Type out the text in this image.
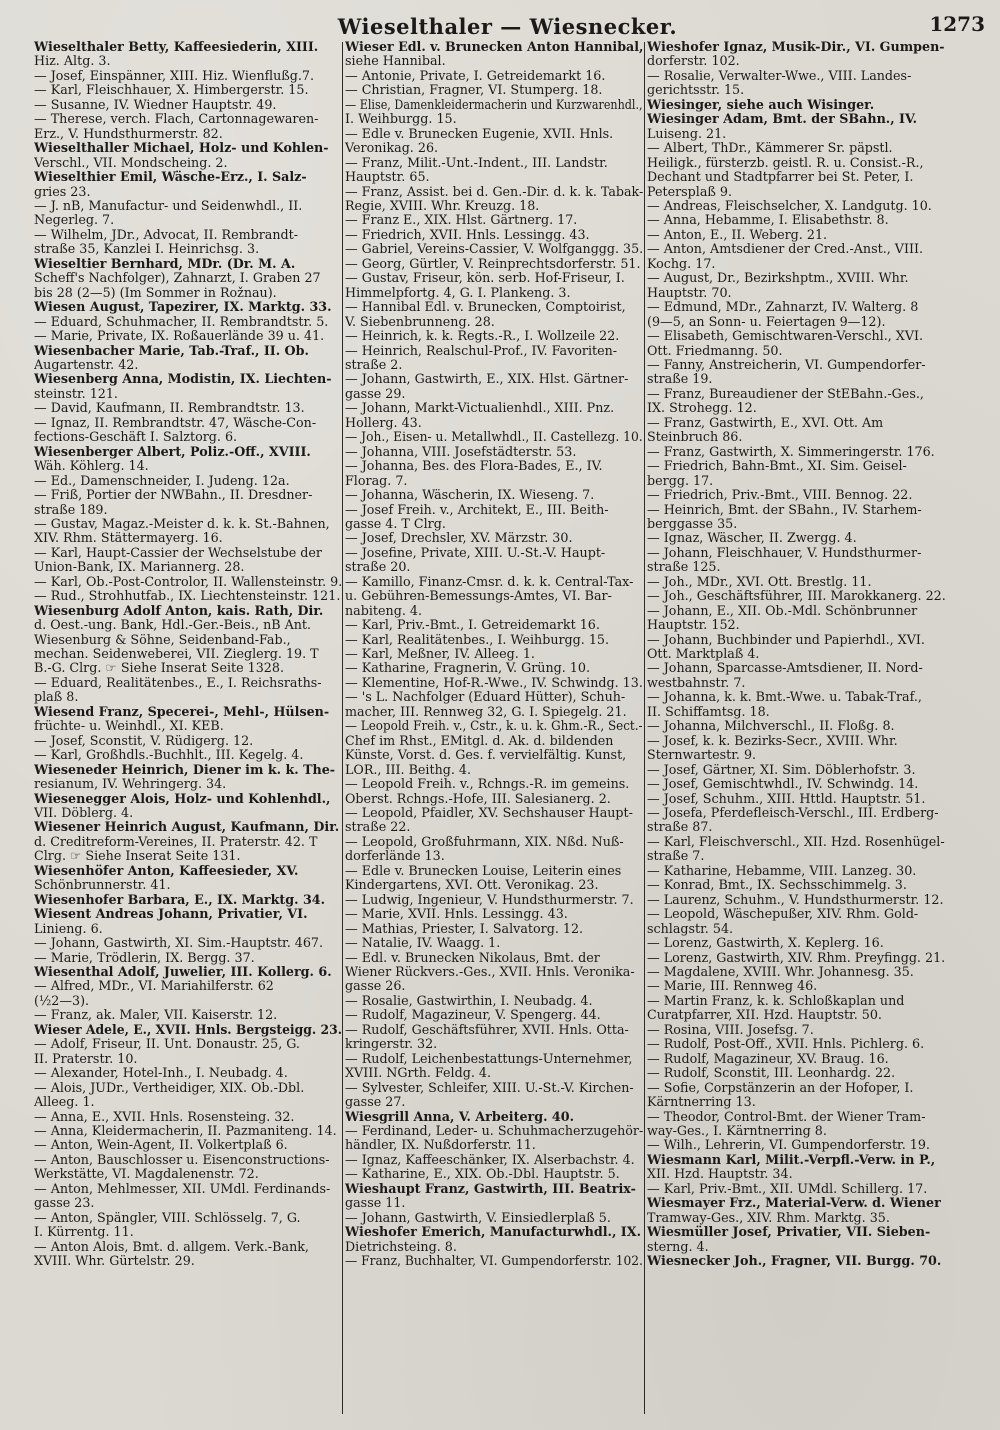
Wieselthaler — Wiesnecker.	1273
Wieselthaler Betty, Kaffeesiederin, XIII.
Hiz. Altg. 3.
— Josef, Einspänner, XIII. Hiz. Wienflußg.7.
— Karl, Fleischhauer, X. Himbergerstr. 15.
— Susanne, IV. Wiedner Hauptstr. 49.
— Therese, verch. Flach, Cartonnagewaren-
Erz., V. Hundsthurmerstr. 82.
Wieselthaller Michael, Holz- und Kohlen-
Verschl., VII. Mondscheing. 2.
Wieselthier Emil, Wäsche-Erz., I. Salz-
gries 23.
— J. nB, Manufactur- und Seidenwhdl., II.
Negerleg. 7.
— Wilhelm, JDr., Advocat, II. Rembrandt-
straße 35, Kanzlei I. Heinrichsg. 3.
Wieseltier Bernhard, MDr. (Dr. M. A.
Scheff's Nachfolger), Zahnarzt, I. Graben 27
bis 28 (2—5) (Im Sommer in Rožnau).
Wiesen August, Tapezirer, IX. Marktg. 33.
— Eduard, Schuhmacher, II. Rembrandtstr. 5.
— Marie, Private, IX. Roßauerlände 39 u. 41.
Wiesenbacher Marie, Tab.-Traf., II. Ob.
Augartenstr. 42.
Wiesenberg Anna, Modistin, IX. Liechten-
steinstr. 121.
— David, Kaufmann, II. Rembrandtstr. 13.
— Ignaz, II. Rembrandtstr. 47, Wäsche-Con-
fections-Geschäft I. Salztorg. 6.
Wiesenberger Albert, Poliz.-Off., XVIII.
Wäh. Köhlerg. 14.
— Ed., Damenschneider, I. Judeng. 12a.
— Friß, Portier der NWBahn., II. Dresdner-
straße 189.
— Gustav, Magaz.-Meister d. k. k. St.-Bahnen,
XIV. Rhm. Stättermayerg. 16.
— Karl, Haupt-Cassier der Wechselstube der
Union-Bank, IX. Mariannerg. 28.
— Karl, Ob.-Post-Controlor, II. Wallensteinstr. 9.
— Rud., Strohhutfab., IX. Liechtensteinstr. 121.
Wiesenburg Adolf Anton, kais. Rath, Dir.
d. Oest.-ung. Bank, Hdl.-Ger.-Beis., nB Ant.
Wiesenburg & Söhne, Seidenband-Fab.,
mechan. Seidenweberei, VII. Zieglerg. 19. T
B.-G. Clrg. ☞ Siehe Inserat Seite 1328.
— Eduard, Realitätenbes., E., I. Reichsraths-
plaß 8.
Wiesend Franz, Specerei-, Mehl-, Hülsen-
früchte- u. Weinhdl., XI. KEB.
— Josef, Sconstit, V. Rüdigerg. 12.
— Karl, Großhdls.-Buchhlt., III. Kegelg. 4.
Wieseneder Heinrich, Diener im k. k. The-
resianum, IV. Wehringerg. 34.
Wiesenegger Alois, Holz- und Kohlenhdl.,
VII. Döblerg. 4.
Wiesener Heinrich August, Kaufmann, Dir.
d. Creditreform-Vereines, II. Praterstr. 42. T
Clrg. ☞ Siehe Inserat Seite 131.
Wiesenhöfer Anton, Kaffeesieder, XV.
Schönbrunnerstr. 41.
Wiesenhofer Barbara, E., IX. Marktg. 34.
Wiesent Andreas Johann, Privatier, VI.
Linieng. 6.
— Johann, Gastwirth, XI. Sim.-Hauptstr. 467.
— Marie, Trödlerin, IX. Bergg. 37.
Wiesenthal Adolf, Juwelier, III. Kollerg. 6.
— Alfred, MDr., VI. Mariahilferstr. 62
(½2—3).
— Franz, ak. Maler, VII. Kaiserstr. 12.
Wieser Adele, E., XVII. Hnls. Bergsteigg. 23.
— Adolf, Friseur, II. Unt. Donaustr. 25, G.
II. Praterstr. 10.
— Alexander, Hotel-Inh., I. Neubadg. 4.
— Alois, JUDr., Vertheidiger, XIX. Ob.-Dbl.
Alleeg. 1.
— Anna, E., XVII. Hnls. Rosensteing. 32.
— Anna, Kleidermacherin, II. Pazmaniteng. 14.
— Anton, Wein-Agent, II. Volkertplaß 6.
— Anton, Bauschlosser u. Eisenconstructions-
Werkstätte, VI. Magdalenenstr. 72.
— Anton, Mehlmesser, XII. UMdl. Ferdinands-
gasse 23.
— Anton, Spängler, VIII. Schlösselg. 7, G.
I. Kürrentg. 11.
— Anton Alois, Bmt. d. allgem. Verk.-Bank,
XVIII. Whr. Gürtelstr. 29.
Wieser Edl. v. Brunecken Anton Hannibal,
siehe Hannibal.
— Antonie, Private, I. Getreidemarkt 16.
— Christian, Fragner, VI. Stumperg. 18.
— Elise, Damenkleidermacherin und Kurzwarenhdl.,
I. Weihburgg. 15.
— Edle v. Brunecken Eugenie, XVII. Hnls.
Veronikag. 26.
— Franz, Milit.-Unt.-Indent., III. Landstr.
Hauptstr. 65.
— Franz, Assist. bei d. Gen.-Dir. d. k. k. Tabak-
Regie, XVIII. Whr. Kreuzg. 18.
— Franz E., XIX. Hlst. Gärtnerg. 17.
— Friedrich, XVII. Hnls. Lessingg. 43.
— Gabriel, Vereins-Cassier, V. Wolfganggg. 35.
— Georg, Gürtler, V. Reinprechtsdorferstr. 51.
— Gustav, Friseur, kön. serb. Hof-Friseur, I.
Himmelpfortg. 4, G. I. Plankeng. 3.
— Hannibal Edl. v. Brunecken, Comptoirist,
V. Siebenbrunneng. 28.
— Heinrich, k. k. Regts.-R., I. Wollzeile 22.
— Heinrich, Realschul-Prof., IV. Favoriten-
straße 2.
— Johann, Gastwirth, E., XIX. Hlst. Gärtner-
gasse 29.
— Johann, Markt-Victualienhdl., XIII. Pnz.
Hollerg. 43.
— Joh., Eisen- u. Metallwhdl., II. Castellezg. 10.
— Johanna, VIII. Josefstädterstr. 53.
— Johanna, Bes. des Flora-Bades, E., IV.
Florag. 7.
— Johanna, Wäscherin, IX. Wieseng. 7.
— Josef Freih. v., Architekt, E., III. Beith-
gasse 4. T Clrg.
— Josef, Drechsler, XV. Märzstr. 30.
— Josefine, Private, XIII. U.-St.-V. Haupt-
straße 20.
— Kamillo, Finanz-Cmsr. d. k. k. Central-Tax-
u. Gebühren-Bemessungs-Amtes, VI. Bar-
nabiteng. 4.
— Karl, Priv.-Bmt., I. Getreidemarkt 16.
— Karl, Realitätenbes., I. Weihburgg. 15.
— Karl, Meßner, IV. Alleeg. 1.
— Katharine, Fragnerin, V. Grüng. 10.
— Klementine, Hof-R.-Wwe., IV. Schwindg. 13.
— 's L. Nachfolger (Eduard Hütter), Schuh-
macher, III. Rennweg 32, G. I. Spiegelg. 21.
— Leopold Freih. v., Cstr., k. u. k. Ghm.-R., Sect.-
Chef im Rhst., EMitgl. d. Ak. d. bildenden
Künste, Vorst. d. Ges. f. vervielfältig. Kunst,
LOR., III. Beithg. 4.
— Leopold Freih. v., Rchngs.-R. im gemeins.
Oberst. Rchngs.-Hofe, III. Salesianerg. 2.
— Leopold, Pfaidler, XV. Sechshauser Haupt-
straße 22.
— Leopold, Großfuhrmann, XIX. Nßd. Nuß-
dorferlände 13.
— Edle v. Brunecken Louise, Leiterin eines
Kindergartens, XVI. Ott. Veronikag. 23.
— Ludwig, Ingenieur, V. Hundsthurmerstr. 7.
— Marie, XVII. Hnls. Lessingg. 43.
— Mathias, Priester, I. Salvatorg. 12.
— Natalie, IV. Waagg. 1.
— Edl. v. Brunecken Nikolaus, Bmt. der
Wiener Rückvers.-Ges., XVII. Hnls. Veronika-
gasse 26.
— Rosalie, Gastwirthin, I. Neubadg. 4.
— Rudolf, Magazineur, V. Spengerg. 44.
— Rudolf, Geschäftsführer, XVII. Hnls. Otta-
kringerstr. 32.
— Rudolf, Leichenbestattungs-Unternehmer,
XVIII. NGrth. Feldg. 4.
— Sylvester, Schleifer, XIII. U.-St.-V. Kirchen-
gasse 27.
Wiesgrill Anna, V. Arbeiterg. 40.
— Ferdinand, Leder- u. Schuhmacherzugehör-
händler, IX. Nußdorferstr. 11.
— Ignaz, Kaffeeschänker, IX. Alserbachstr. 4.
— Katharine, E., XIX. Ob.-Dbl. Hauptstr. 5.
Wieshaupt Franz, Gastwirth, III. Beatrix-
gasse 11.
— Johann, Gastwirth, V. Einsiedlerplaß 5.
Wieshofer Emerich, Manufacturwhdl., IX.
Dietrichsteing. 8.
— Franz, Buchhalter, VI. Gumpendorferstr. 102.
Wieshofer Ignaz, Musik-Dir., VI. Gumpen-
dorferstr. 102.
— Rosalie, Verwalter-Wwe., VIII. Landes-
gerichtsstr. 15.
Wiesinger, siehe auch Wisinger.
Wiesinger Adam, Bmt. der SBahn., IV.
Luiseng. 21.
— Albert, ThDr., Kämmerer Sr. päpstl.
Heiligk., fürsterzb. geistl. R. u. Consist.-R.,
Dechant und Stadtpfarrer bei St. Peter, I.
Petersplaß 9.
— Andreas, Fleischselcher, X. Landgutg. 10.
— Anna, Hebamme, I. Elisabethstr. 8.
— Anton, E., II. Weberg. 21.
— Anton, Amtsdiener der Cred.-Anst., VIII.
Kochg. 17.
— August, Dr., Bezirkshptm., XVIII. Whr.
Hauptstr. 70.
— Edmund, MDr., Zahnarzt, IV. Walterg. 8
(9—5, an Sonn- u. Feiertagen 9—12).
— Elisabeth, Gemischtwaren-Verschl., XVI.
Ott. Friedmanng. 50.
— Fanny, Anstreicherin, VI. Gumpendorfer-
straße 19.
— Franz, Bureaudiener der StEBahn.-Ges.,
IX. Strohegg. 12.
— Franz, Gastwirth, E., XVI. Ott. Am
Steinbruch 86.
— Franz, Gastwirth, X. Simmeringerstr. 176.
— Friedrich, Bahn-Bmt., XI. Sim. Geisel-
bergg. 17.
— Friedrich, Priv.-Bmt., VIII. Bennog. 22.
— Heinrich, Bmt. der SBahn., IV. Starhem-
berggasse 35.
— Ignaz, Wäscher, II. Zwergg. 4.
— Johann, Fleischhauer, V. Hundsthurmer-
straße 125.
— Joh., MDr., XVI. Ott. Brestlg. 11.
— Joh., Geschäftsführer, III. Marokkanerg. 22.
— Johann, E., XII. Ob.-Mdl. Schönbrunner
Hauptstr. 152.
— Johann, Buchbinder und Papierhdl., XVI.
Ott. Marktplaß 4.
— Johann, Sparcasse-Amtsdiener, II. Nord-
westbahnstr. 7.
— Johanna, k. k. Bmt.-Wwe. u. Tabak-Traf.,
II. Schiffamtsg. 18.
— Johanna, Milchverschl., II. Floßg. 8.
— Josef, k. k. Bezirks-Secr., XVIII. Whr.
Sternwartestr. 9.
— Josef, Gärtner, XI. Sim. Döblerhofstr. 3.
— Josef, Gemischtwhdl., IV. Schwindg. 14.
— Josef, Schuhm., XIII. Httld. Hauptstr. 51.
— Josefa, Pferdefleisch-Verschl., III. Erdberg-
straße 87.
— Karl, Fleischverschl., XII. Hzd. Rosenhügel-
straße 7.
— Katharine, Hebamme, VIII. Lanzeg. 30.
— Konrad, Bmt., IX. Sechsschimmelg. 3.
— Laurenz, Schuhm., V. Hundsthurmerstr. 12.
— Leopold, Wäschepußer, XIV. Rhm. Gold-
schlagstr. 54.
— Lorenz, Gastwirth, X. Keplerg. 16.
— Lorenz, Gastwirth, XIV. Rhm. Preyfingg. 21.
— Magdalene, XVIII. Whr. Johannesg. 35.
— Marie, III. Rennweg 46.
— Martin Franz, k. k. Schloßkaplan und
Curatpfarrer, XII. Hzd. Hauptstr. 50.
— Rosina, VIII. Josefsg. 7.
— Rudolf, Post-Off., XVII. Hnls. Pichlerg. 6.
— Rudolf, Magazineur, XV. Braug. 16.
— Rudolf, Sconstit, III. Leonhardg. 22.
— Sofie, Corpstänzerin an der Hofoper, I.
Kärntnerring 13.
— Theodor, Control-Bmt. der Wiener Tram-
way-Ges., I. Kärntnerring 8.
— Wilh., Lehrerin, VI. Gumpendorferstr. 19.
Wiesmann Karl, Milit.-Verpfl.-Verw. in P.,
XII. Hzd. Hauptstr. 34.
— Karl, Priv.-Bmt., XII. UMdl. Schillerg. 17.
Wiesmayer Frz., Material-Verw. d. Wiener
Tramway-Ges., XIV. Rhm. Marktg. 35.
Wiesmüller Josef, Privatier, VII. Sieben-
sterng. 4.
Wiesnecker Joh., Fragner, VII. Burgg. 70.
